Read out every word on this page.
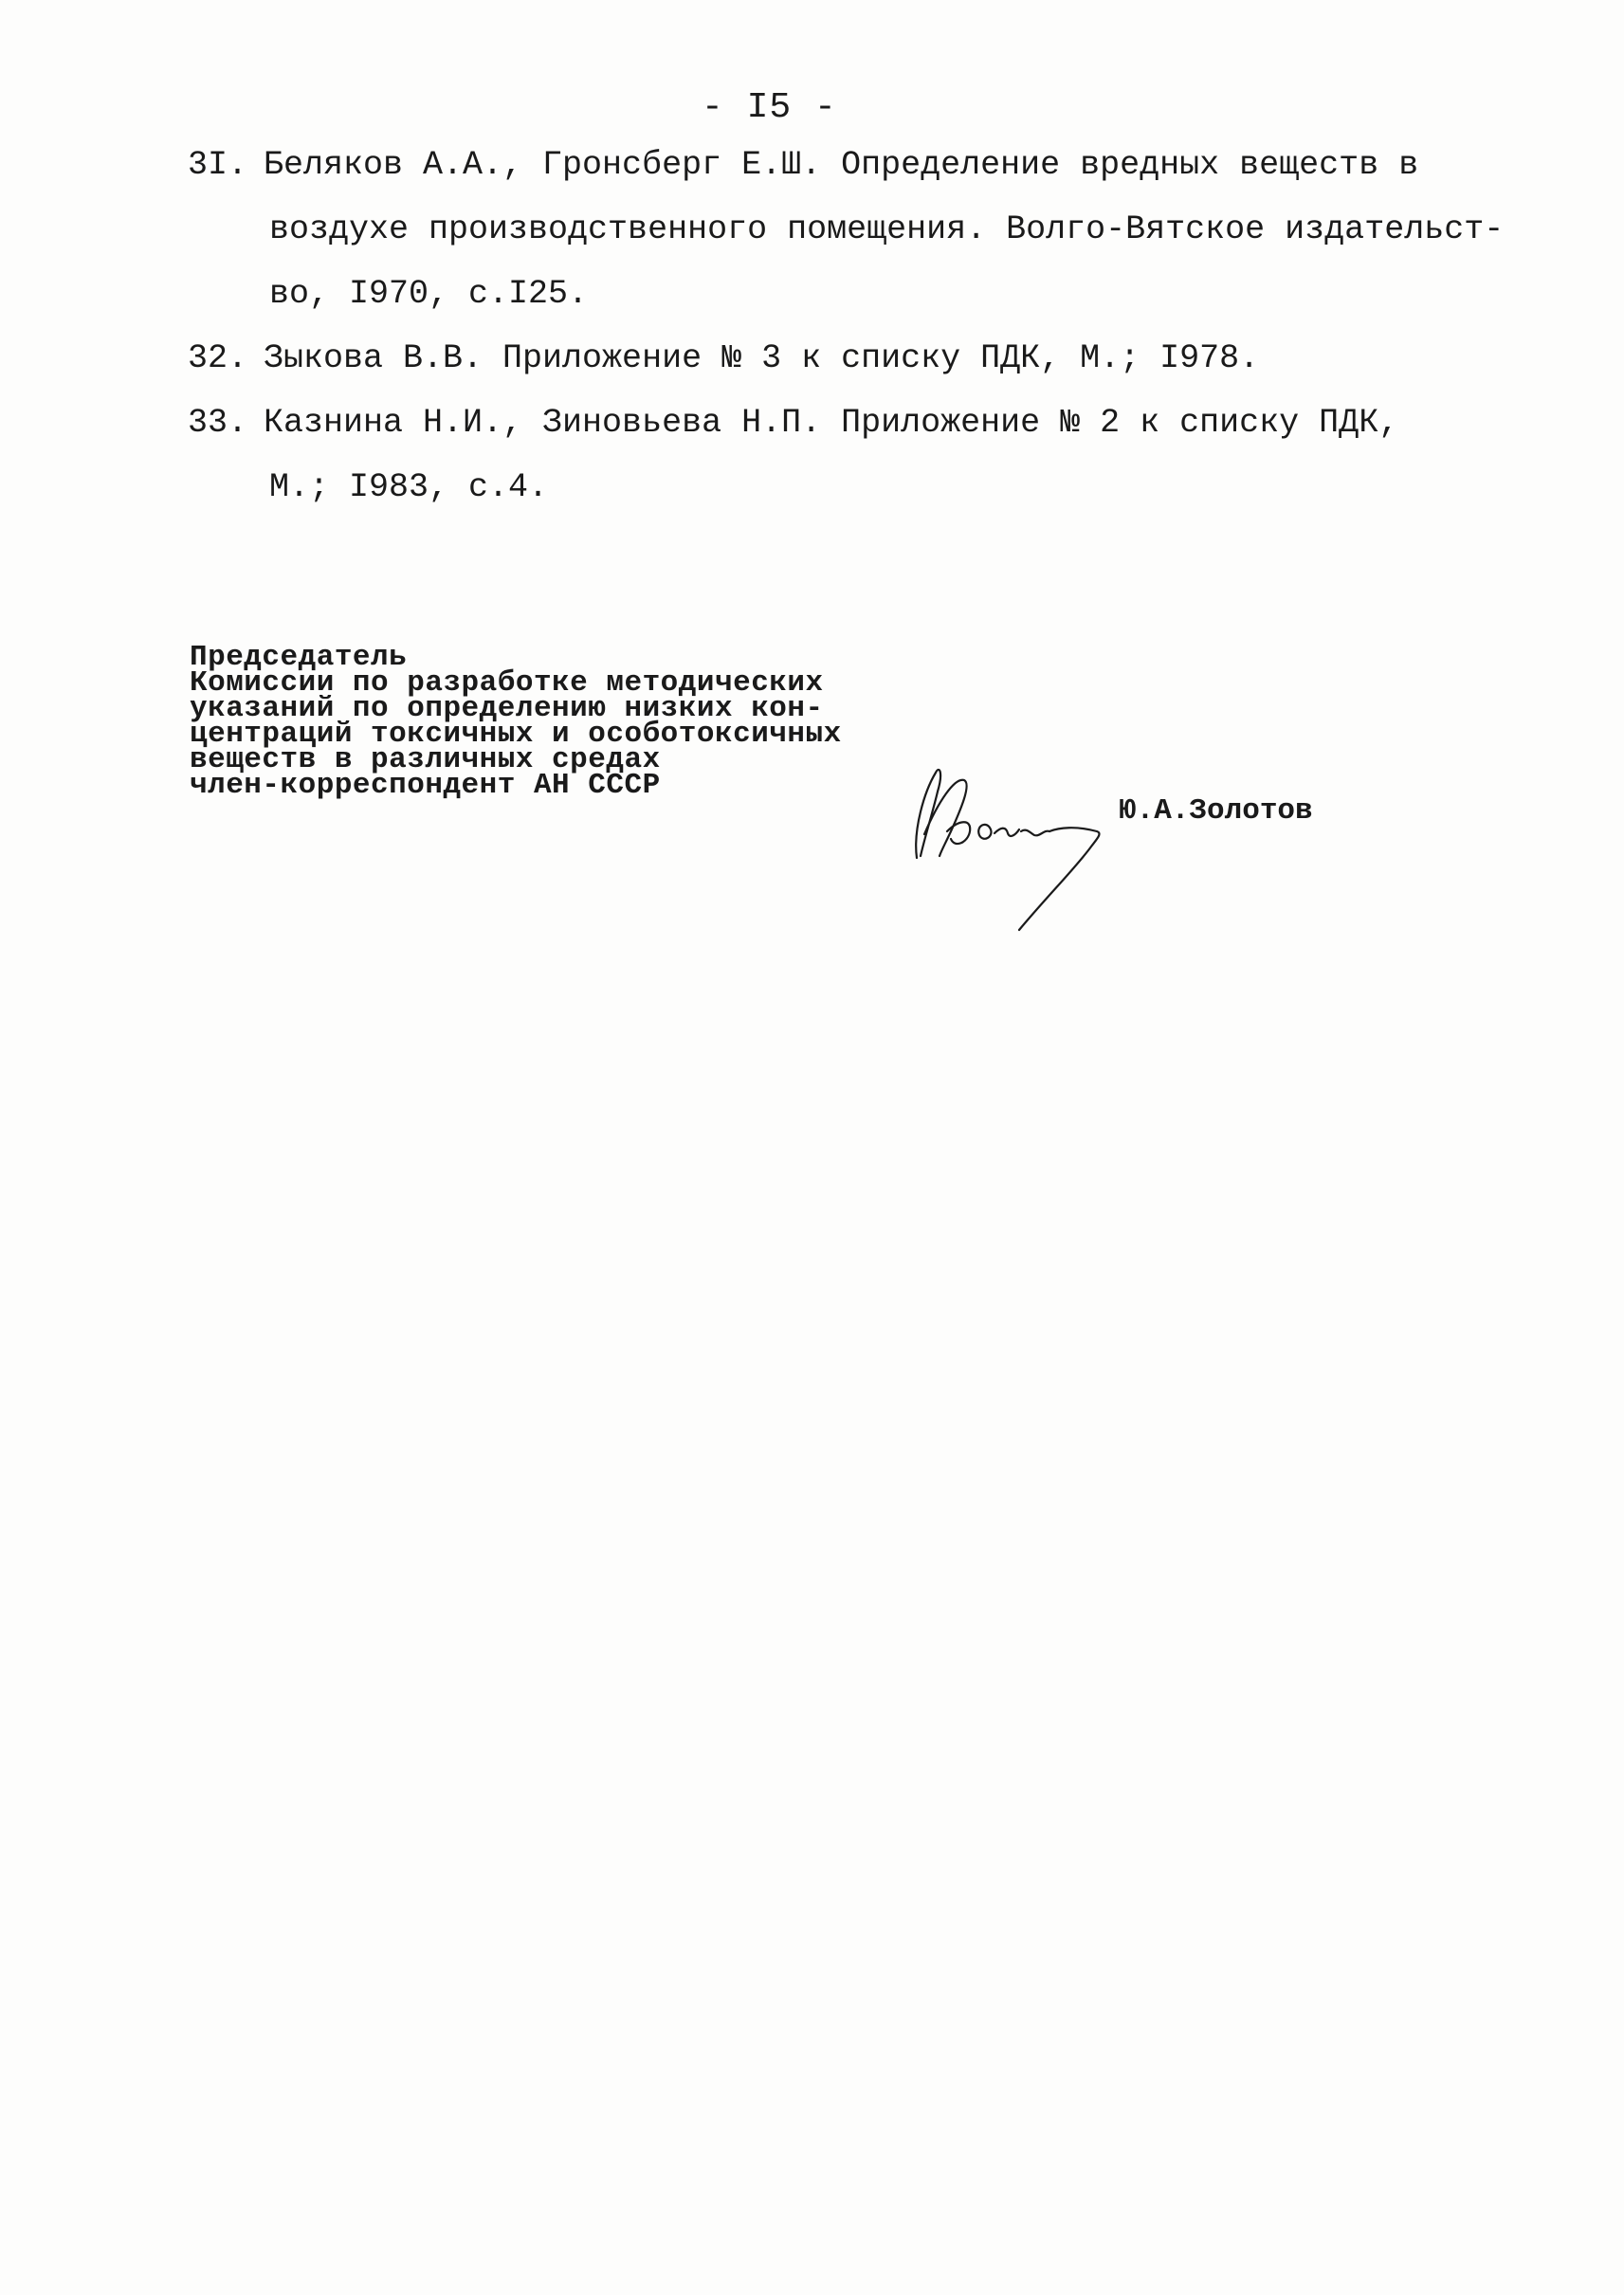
- I5 -
3I. Беляков А.А., Гронсберг Е.Ш. Определение вредных веществ в
воздухе производственного помещения. Волго-Вятское издательст-
во, I970, с.I25.
32. Зыкова В.В. Приложение № 3 к списку ПДК, М.; I978.
33. Казнина Н.И., Зиновьева Н.П. Приложение № 2 к списку ПДК,
М.; I983, с.4.
Председатель
Комиссии по разработке методических
указаний по определению низких кон-
центраций токсичных и особотоксичных
веществ в различных средах
член-корреспондент АН СССР
Ю.А.Золотов
